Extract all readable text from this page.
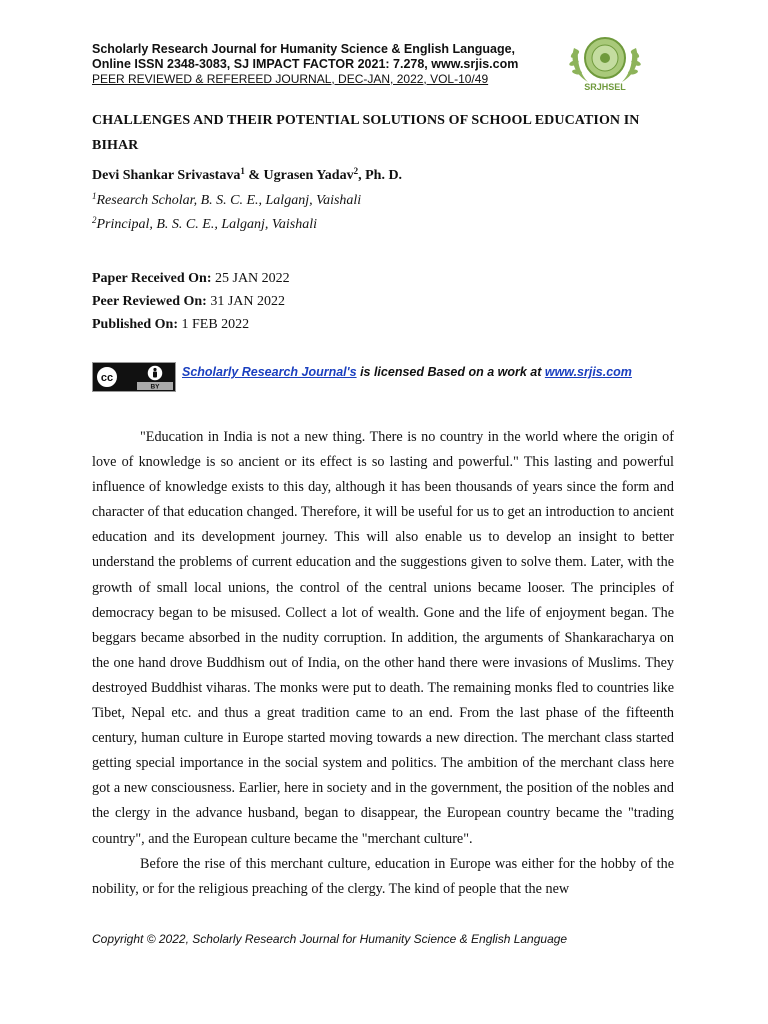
Scholarly Research Journal for Humanity Science & English Language,
Online ISSN 2348-3083, SJ IMPACT FACTOR 2021: 7.278, www.srjis.com
PEER REVIEWED & REFEREED JOURNAL, DEC-JAN, 2022, VOL-10/49
SRJHSEL
CHALLENGES AND THEIR POTENTIAL SOLUTIONS OF SCHOOL EDUCATION IN BIHAR
Devi Shankar Srivastava$^1$ & Ugrasen Yadav$^2$, Ph. D.
$^1$Research Scholar, B. S. C. E., Lalganj, Vaishali
$^2$Principal, B. S. C. E., Lalganj, Vaishali
Paper Received On: 25 JAN 2022
Peer Reviewed On: 31 JAN 2022
Published On: 1 FEB 2022
cc
BY
Scholarly Research Journal's is licensed Based on a work at www.srjis.com

"Education in India is not a new thing. There is no country in the world where the origin of love of knowledge is so ancient or its effect is so lasting and powerful." This lasting and powerful influence of knowledge exists to this day, although it has been thousands of years since the form and character of that education changed. Therefore, it will be useful for us to get an introduction to ancient education and its development journey. This will also enable us to develop an insight to better understand the problems of current education and the suggestions given to solve them. Later, with the growth of small local unions, the control of the central unions became looser. The principles of democracy began to be misused. Collect a lot of wealth. Gone and the life of enjoyment began. The beggars became absorbed in the nudity corruption. In addition, the arguments of Shankaracharya on the one hand drove Buddhism out of India, on the other hand there were invasions of Muslims. They destroyed Buddhist viharas. The monks were put to death. The remaining monks fled to countries like Tibet, Nepal etc. and thus a great tradition came to an end. From the last phase of the fifteenth century, human culture in Europe started moving towards a new direction. The merchant class started getting special importance in the social system and politics. The ambition of the merchant class here got a new consciousness. Earlier, here in society and in the government, the position of the nobles and the clergy in the advance husband, began to disappear, the European country became the "trading country", and the European culture became the "merchant culture".

Before the rise of this merchant culture, education in Europe was either for the hobby of the nobility, or for the religious preaching of the clergy. The kind of people that the new

Copyright © 2022, Scholarly Research Journal for Humanity Science & English Language
